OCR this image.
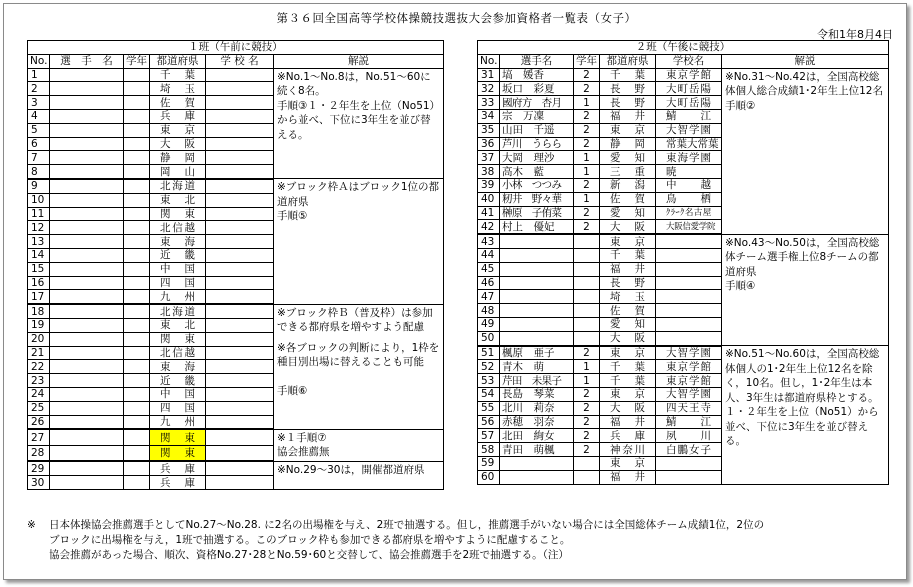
第３６回全国高等学校体操競技選抜大会参加資格者一覧表（女子）
令和1年8月4日
１班（午前に競技）					
No.	選　手　名	学年	都道府県	学 校 名	解説
1			千　葉		※No.1～No.8は，No.51～60に続く8名。
手順③１・２年生を上位（No51）から並べ、下位に3年生を並び替える。

2			埼　玉		
3			佐　賀		
4			兵　庫		
5			東　京		
6			大　阪		
7			静　岡		
8			岡　山		
9			北海道		※ブロック枠Ａはブロック1位の都道府県
手順⑤

10			東　北		
11			関　東		
12			北信越		
13			東　海		
14			近　畿		
15			中　国		
16			四　国		
17			九　州		
18			北海道		※ブロック枠Ｂ（普及枠）は参加できる都府県を増やすよう配慮
※各ブロックの判断により，1枠を種目別出場に替えることも可能
手順⑥

19			東　北		
20			関　東		
21			北信越		
22			東　海		
23			近　畿		
24			中　国		
25			四　国		
26			九　州		
27			関　東		※１手順⑦
協会推薦無

28			関　東		
29			兵　庫		※No.29～30は，開催都道府県

30			兵　庫		
２班（午後に競技）					
No.	選手名	学年	都道府県	学校名	解説
31	塙　媛香	2	千　葉	東京学館	※No.31～No.42は，全国高校総体個人総合成績1･2年生上位12名
手順②

32	坂口　彩夏	2	長　野	大町岳陽	
33	國府方　杏月	1	長　野	大町岳陽	
34	宗　万凜	2	福　井	鯖江	
35	山田　千遥	2	東　京	大智学園	
36	芦川　うらら	2	静　岡	常葉大常葉	
37	大岡　理沙	1	愛　知	東海学園	
38	高木　藍	1	三　重	暁	
39	小林　つつみ	2	新　潟	中越	
40	籾井　野々華	1	佐　賀	鳥栖	
41	榊原　子侑菜	2	愛　知	ｸﾗｰｸ名古屋	
42	村上　優妃	2	大　阪	大阪信愛学院	
43			東　京		※No.43～No.50は，全国高校総体チーム選手権上位8チームの都道府県
手順④

44			千　葉		
45			福　井		
46			長　野		
47			埼　玉		
48			佐　賀		
49			愛　知		
50			大　阪		
51	楓原　亜子	2	東　京	大智学園	※No.51～No.60は，全国高校総体個人の1･2年生上位12名を除く，10名。但し，1･2年生は本人、3年生は都道府県枠とする。１・２年生を上位（No51）から並べ、下位に3年生を並び替える。

52	青木　萌	1	千　葉	東京学館	
53	芹田　未果子	1	千　葉	東京学館	
54	長島　琴菜	2	東　京	大智学園	
55	北川　莉奈	2	大　阪	四天王寺	
56	赤穂　羽奈	2	福　井	鯖江	
57	北田　絢女	2	兵　庫	夙川	
58	青田　萌楓	2	神奈川	白鵬女子	
59			東　京		
60			福　井		
※ 日本体操協会推薦選手としてNo.27～No.28. に2名の出場権を与え、2班で抽選する。但し，推薦選手がいない場合には全国総体チーム成績1位，2位の
ブロックに出場権を与え，1班で抽選する。このブロック枠も参加できる都府県を増やすように配慮すること。
協会推薦があった場合、順次、資格No.27･28とNo.59･60と交替して、協会推薦選手を2班で抽選する。（注）
